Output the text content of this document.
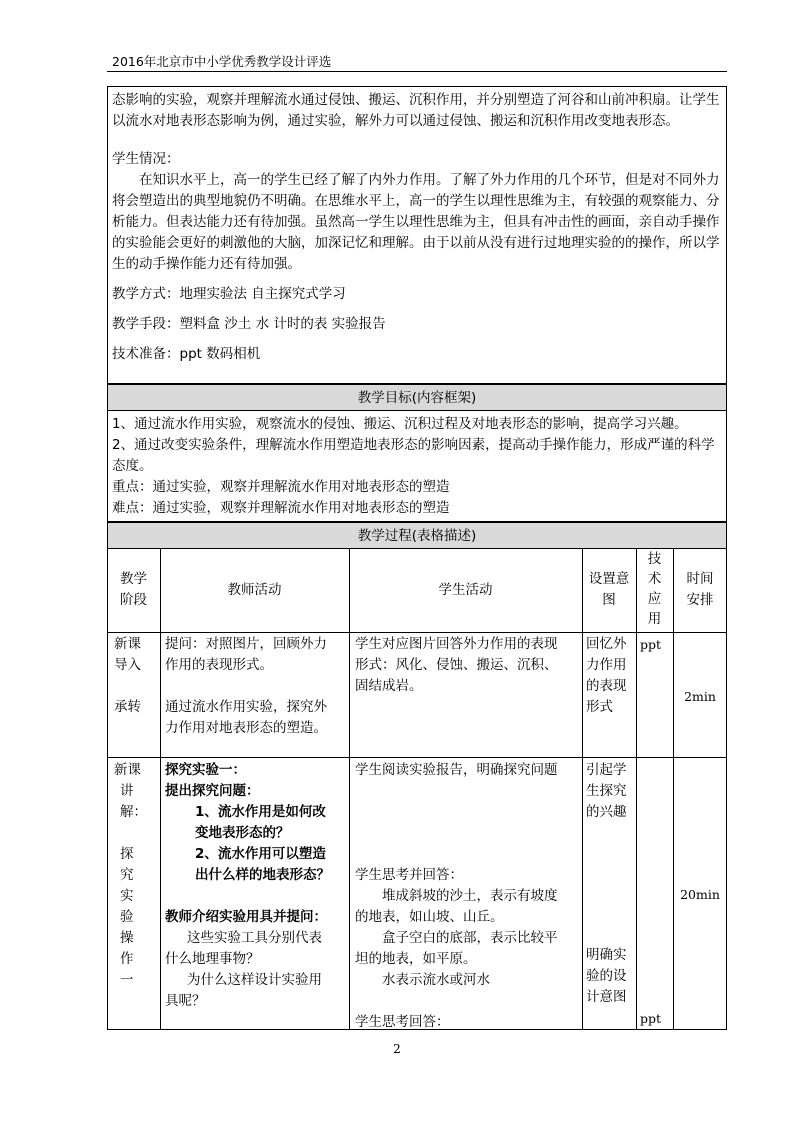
2016年北京市中小学优秀教学设计评选

态影响的实验，观察并理解流水通过侵蚀、搬运、沉积作用，并分别塑造了河谷和山前冲积扇。让学生以流水对地表形态影响为例，通过实验，解外力可以通过侵蚀、搬运和沉积作用改变地表形态。

学生情况：

在知识水平上，高一的学生已经了解了内外力作用。了解了外力作用的几个环节，但是对不同外力将会塑造出的典型地貌仍不明确。在思维水平上，高一的学生以理性思维为主，有较强的观察能力、分析能力。但表达能力还有待加强。虽然高一学生以理性思维为主，但具有冲击性的画面，亲自动手操作的实验能会更好的刺激他的大脑，加深记忆和理解。由于以前从没有进行过地理实验的的操作，所以学生的动手操作能力还有待加强。

教学方式：地理实验法 自主探究式学习

教学手段：塑料盒 沙土 水 计时的表 实验报告

技术准备：ppt 数码相机

教学目标(内容框架)

1、通过流水作用实验，观察流水的侵蚀、搬运、沉积过程及对地表形态的影响，提高学习兴趣。

2、通过改变实验条件，理解流水作用塑造地表形态的影响因素，提高动手操作能力，形成严谨的科学态度。

重点：通过实验，观察并理解流水作用对地表形态的塑造

难点：通过实验，观察并理解流水作用对地表形态的塑造

教学过程(表格描述)
教学
阶段
教师活动	学生活动
设置意
图
技
术
应
用
时间
安排
新课
导入
承转
提问：对照图片，回顾外力
作用的表现形式。
通过流水作用实验，探究外
力作用对地表形态的塑造。
学生对应图片回答外力作用的表现
形式：风化、侵蚀、搬运、沉积、
固结成岩。
回忆外
力作用
的表现
形式
ppt
2min
新课
讲
解：
探
究
实
验
操
作
一
探究实验一：
提出探究问题：
1、流水作用是如何改
变地表形态的？
2、流水作用可以塑造
出什么样的地表形态？
教师介绍实验用具并提问：
这些实验工具分别代表
什么地理事物？
为什么这样设计实验用
具呢？
学生阅读实验报告，明确探究问题
学生思考并回答：
堆成斜坡的沙土，表示有坡度
的地表，如山坡、山丘。
盒子空白的底部，表示比较平
坦的地表，如平原。
水表示流水或河水
学生思考回答：
引起学
生探究
的兴趣
明确实
验的设
计意图
ppt
20min
2
